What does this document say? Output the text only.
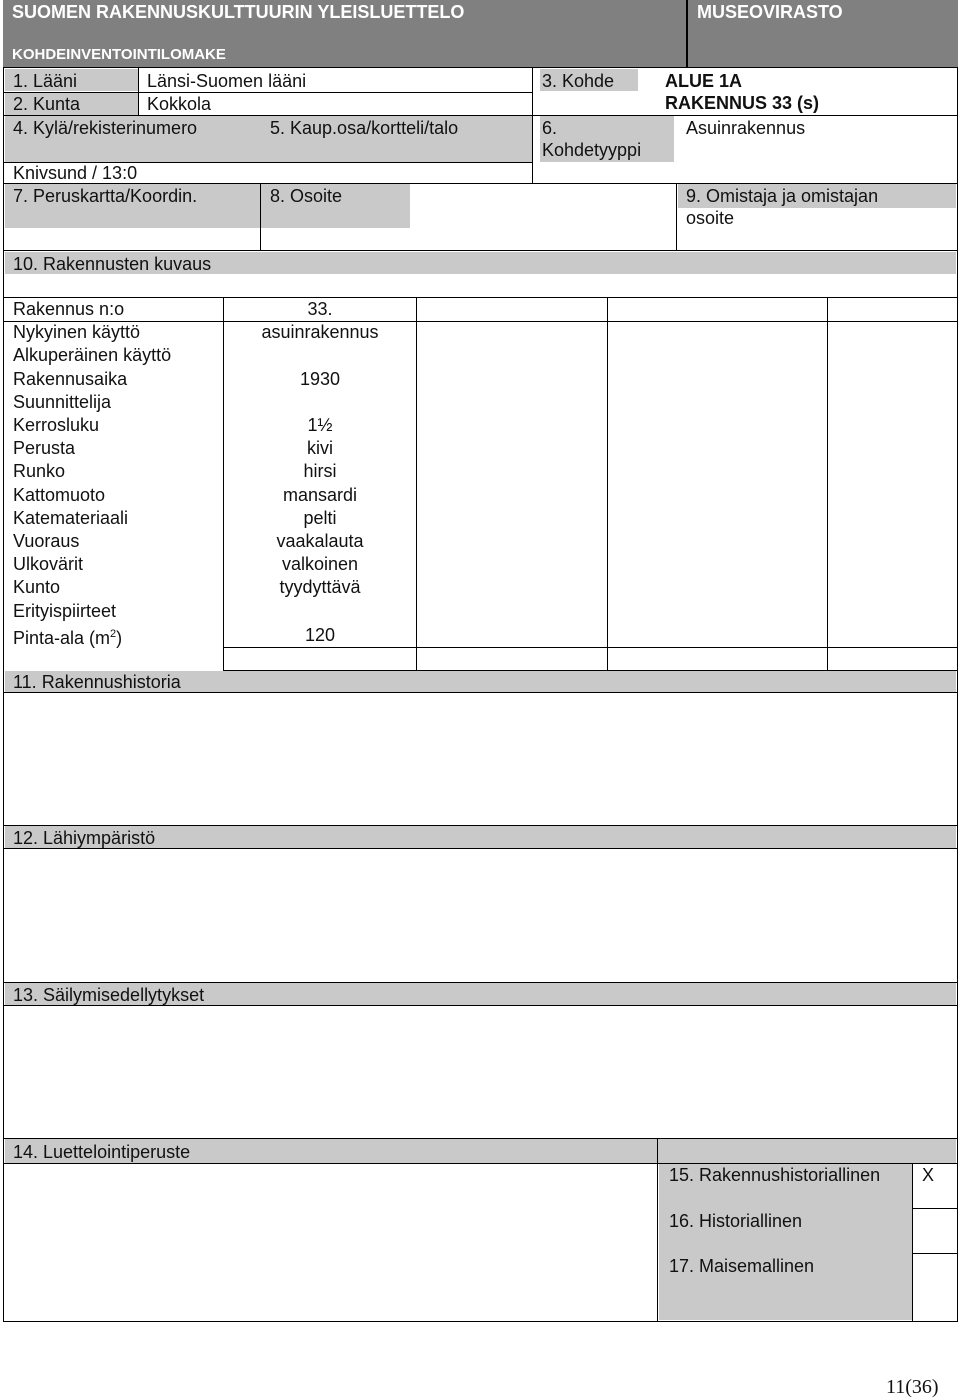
SUOMEN RAKENNUSKULTTUURIN YLEISLUETTELO	MUSEOVIRASTO
KOHDEINVENTOINTILOMAKE
1. Lääni	Länsi-Suomen lääni	3. Kohde	ALUE 1A
2. Kunta	Kokkola	RAKENNUS 33 (s)
4. Kylä/rekisterinumero	5. Kaup.osa/kortteli/talo	6.
Kohdetyyppi
Asuinrakennus
Knivsund / 13:0
7. Peruskartta/Koordin.	8. Osoite	9. Omistaja ja omistajan
osoite
10. Rakennusten kuvaus
Rakennus n:o	33.
Nykyinen käyttö	asuinrakennus
Alkuperäinen käyttö
Rakennusaika	1930
Suunnittelija
Kerrosluku	1½
Perusta	kivi
Runko	hirsi
Kattomuoto	mansardi
Katemateriaali	pelti
Vuoraus	vaakalauta
Ulkovärit	valkoinen
Kunto	tyydyttävä
Erityispiirteet
Pinta-ala $(m^2)$	120
11. Rakennushistoria
12. Lähiympäristö
13. Säilymisedellytykset
14. Luettelointiperuste
15. Rakennushistoriallinen X
16. Historiallinen
17. Maisemallinen
11(36)
